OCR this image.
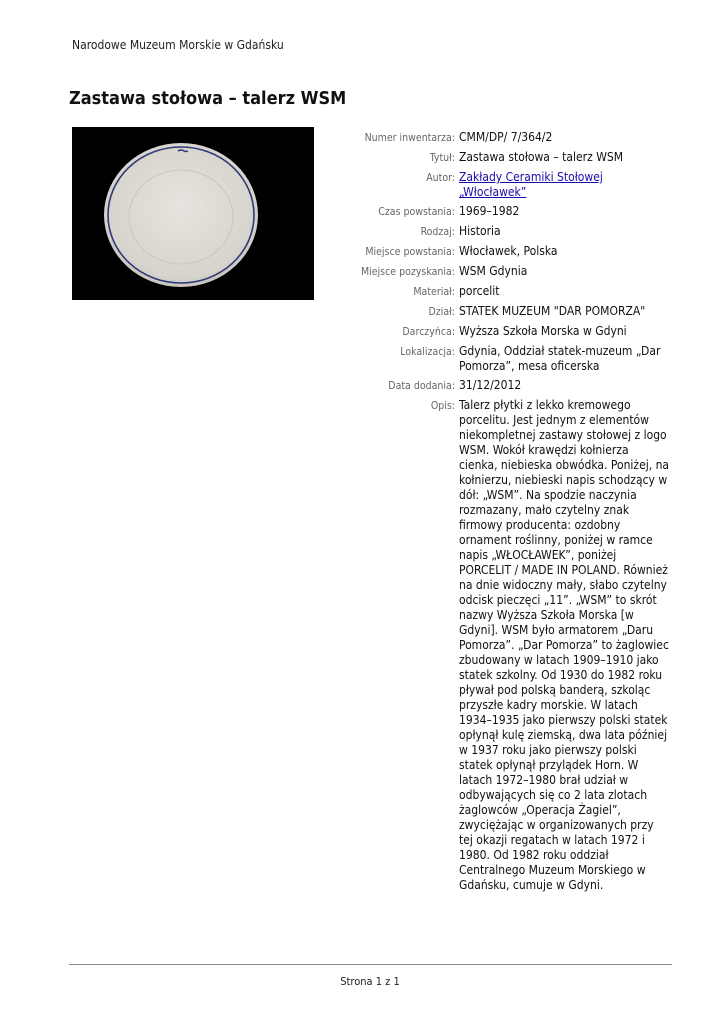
Narodowe Muzeum Morskie w Gdańsku
Zastawa stołowa – talerz WSM
Numer inwentarza: CMM/DP/ 7/364/2
Tytuł: Zastawa stołowa – talerz WSM
Autor: Zakłady Ceramiki Stołowej „Włocławek”
Czas powstania: 1969–1982
Rodzaj: Historia
Miejsce powstania: Włocławek, Polska
Miejsce pozyskania: WSM Gdynia
Materiał: porcelit
Dział: STATEK MUZEUM "DAR POMORZA"
Darczyńca: Wyższa Szkoła Morska w Gdyni
Lokalizacja: Gdynia, Oddział statek-muzeum „Dar Pomorza”, mesa oficerska
Data dodania: 31/12/2012
Opis: Talerz płytki z lekko kremowego porcelitu. Jest jednym z elementów niekompletnej zastawy stołowej z logo WSM. Wokół krawędzi kołnierza cienka, niebieska obwódka. Poniżej, na kołnierzu, niebieski napis schodzący w dół: „WSM”. Na spodzie naczynia rozmazany, mało czytelny znak firmowy producenta: ozdobny ornament roślinny, poniżej w ramce napis „WŁOCŁAWEK”, poniżej PORCELIT / MADE IN POLAND. Również na dnie widoczny mały, słabo czytelny odcisk pieczęci „11”. „WSM” to skrót nazwy Wyższa Szkoła Morska [w Gdyni]. WSM było armatorem „Daru Pomorza”. „Dar Pomorza” to żaglowiec zbudowany w latach 1909–1910 jako statek szkolny. Od 1930 do 1982 roku pływał pod polską banderą, szkoląc przyszłe kadry morskie. W latach 1934–1935 jako pierwszy polski statek opłynął kulę ziemską, dwa lata później w 1937 roku jako pierwszy polski statek opłynął przylądek Horn. W latach 1972–1980 brał udział w odbywających się co 2 lata zlotach żaglowców „Operacja Żagiel”, zwyciężając w organizowanych przy tej okazji regatach w latach 1972 i 1980. Od 1982 roku oddział Centralnego Muzeum Morskiego w Gdańsku, cumuje w Gdyni.
Strona 1 z 1
